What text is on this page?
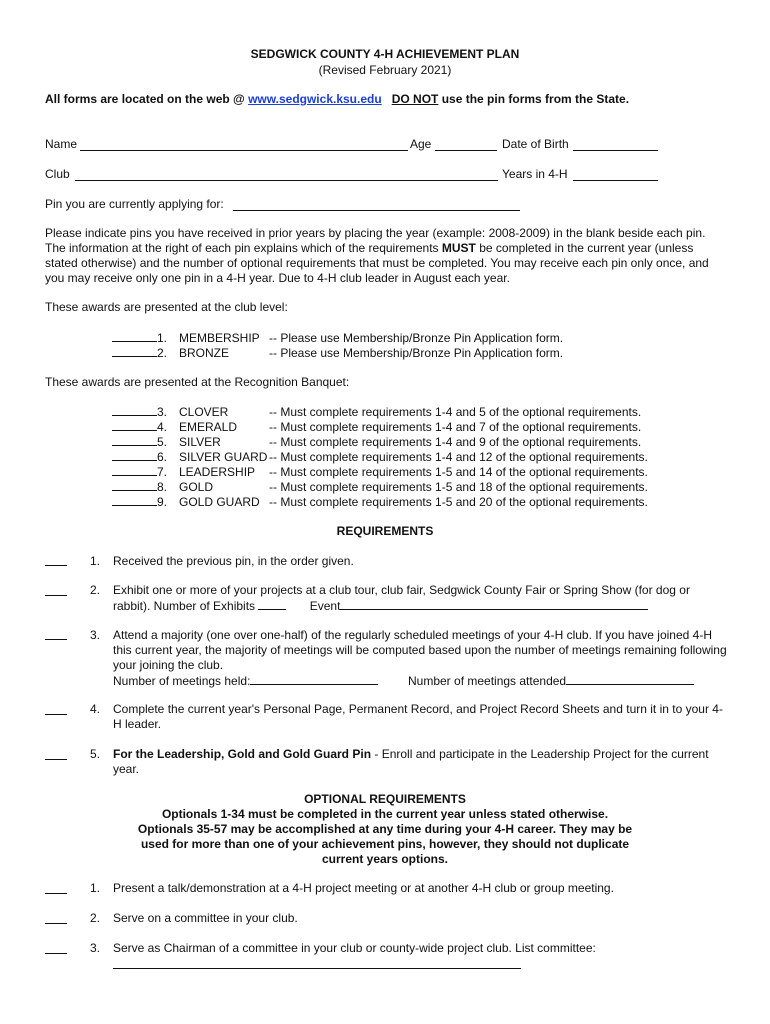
SEDGWICK COUNTY 4-H ACHIEVEMENT PLAN
(Revised February 2021)
All forms are located on the web @ www.sedgwick.ksu.edu DO NOT use the pin forms from the State.
Name	Age	Date of Birth
Club	Years in 4-H
Pin you are currently applying for:
Please indicate pins you have received in prior years by placing the year (example: 2008-2009) in the blank beside each pin. The information at the right of each pin explains which of the requirements MUST be completed in the current year (unless stated otherwise) and the number of optional requirements that must be completed. You may receive each pin only once, and you may receive only one pin in a 4-H year. Due to 4-H club leader in August each year.
These awards are presented at the club level:
1. MEMBERSHIP -- Please use Membership/Bronze Pin Application form.
2. BRONZE	-- Please use Membership/Bronze Pin Application form.
These awards are presented at the Recognition Banquet:
3. CLOVER	-- Must complete requirements 1-4 and 5 of the optional requirements.
4. EMERALD	-- Must complete requirements 1-4 and 7 of the optional requirements.
5. SILVER	-- Must complete requirements 1-4 and 9 of the optional requirements.
6. SILVER GUARD -- Must complete requirements 1-4 and 12 of the optional requirements.
7. LEADERSHIP -- Must complete requirements 1-5 and 14 of the optional requirements.
8. GOLD	-- Must complete requirements 1-5 and 18 of the optional requirements.
9. GOLD GUARD -- Must complete requirements 1-5 and 20 of the optional requirements.
REQUIREMENTS
1. Received the previous pin, in the order given.
2. Exhibit one or more of your projects at a club tour, club fair, Sedgwick County Fair or Spring Show (for dog or rabbit). Number of Exhibits	Event
3. Attend a majority (one over one-half) of the regularly scheduled meetings of your 4-H club. If you have joined 4-H this current year, the majority of meetings will be computed based upon the number of meetings remaining following your joining the club.
Number of meetings held:	Number of meetings attended
4. Complete the current year's Personal Page, Permanent Record, and Project Record Sheets and turn it in to your 4-H leader.
5. For the Leadership, Gold and Gold Guard Pin - Enroll and participate in the Leadership Project for the current year.
OPTIONAL REQUIREMENTS
Optionals 1-34 must be completed in the current year unless stated otherwise.
Optionals 35-57 may be accomplished at any time during your 4-H career. They may be
used for more than one of your achievement pins, however, they should not duplicate
current years options.
1. Present a talk/demonstration at a 4-H project meeting or at another 4-H club or group meeting.
2. Serve on a committee in your club.
3. Serve as Chairman of a committee in your club or county-wide project club. List committee:
